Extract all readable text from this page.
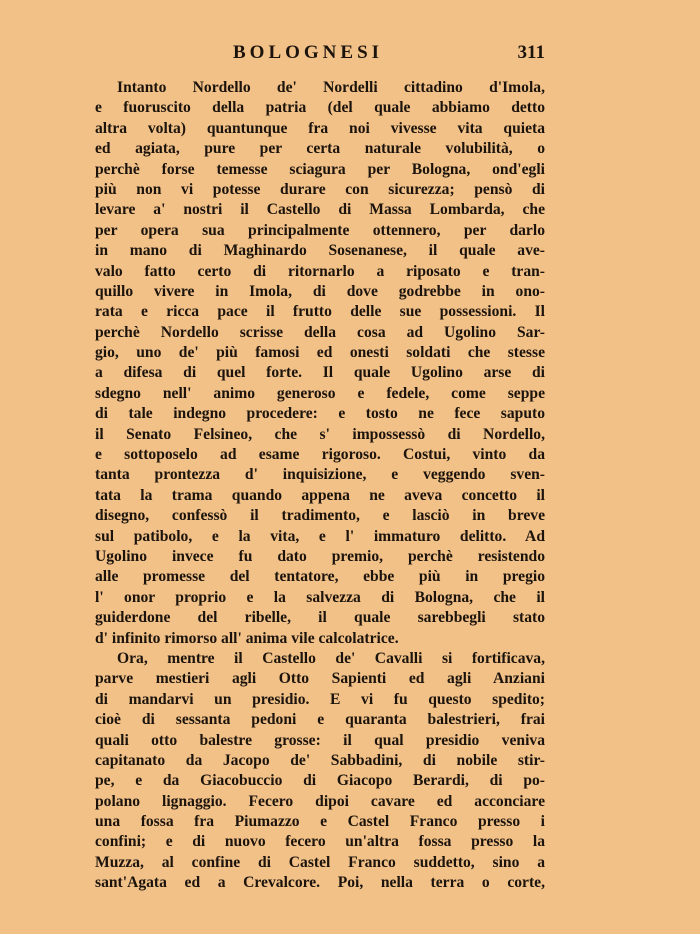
BOLOGNESI	311
Intanto Nordello de' Nordelli cittadino d'Imola,
e fuoruscito della patria (del quale abbiamo detto
altra volta) quantunque fra noi vivesse vita quieta
ed agiata, pure per certa naturale volubilità, o
perchè forse temesse sciagura per Bologna, ond'egli
più non vi potesse durare con sicurezza; pensò di
levare a' nostri il Castello di Massa Lombarda, che
per opera sua principalmente ottennero, per darlo
in mano di Maghinardo Sosenanese, il quale ave-
valo fatto certo di ritornarlo a riposato e tran-
quillo vivere in Imola, di dove godrebbe in ono-
rata e ricca pace il frutto delle sue possessioni. Il
perchè Nordello scrisse della cosa ad Ugolino Sar-
gio, uno de' più famosi ed onesti soldati che stesse
a difesa di quel forte. Il quale Ugolino arse di
sdegno nell' animo generoso e fedele, come seppe
di tale indegno procedere: e tosto ne fece saputo
il Senato Felsineo, che s' impossessò di Nordello,
e sottoposelo ad esame rigoroso. Costui, vinto da
tanta prontezza d' inquisizione, e veggendo sven-
tata la trama quando appena ne aveva concetto il
disegno, confessò il tradimento, e lasciò in breve
sul patibolo, e la vita, e l' immaturo delitto. Ad
Ugolino invece fu dato premio, perchè resistendo
alle promesse del tentatore, ebbe più in pregio
l' onor proprio e la salvezza di Bologna, che il
guiderdone del ribelle, il quale sarebbegli stato
d' infinito rimorso all' anima vile calcolatrice.
Ora, mentre il Castello de' Cavalli si fortificava,
parve mestieri agli Otto Sapienti ed agli Anziani
di mandarvi un presidio. E vi fu questo spedito;
cioè di sessanta pedoni e quaranta balestrieri, frai
quali otto balestre grosse: il qual presidio veniva
capitanato da Jacopo de' Sabbadini, di nobile stir-
pe, e da Giacobuccio di Giacopo Berardi, di po-
polano lignaggio. Fecero dipoi cavare ed acconciare
una fossa fra Piumazzo e Castel Franco presso i
confini; e di nuovo fecero un'altra fossa presso la
Muzza, al confine di Castel Franco suddetto, sino a
sant'Agata ed a Crevalcore. Poi, nella terra o corte,
